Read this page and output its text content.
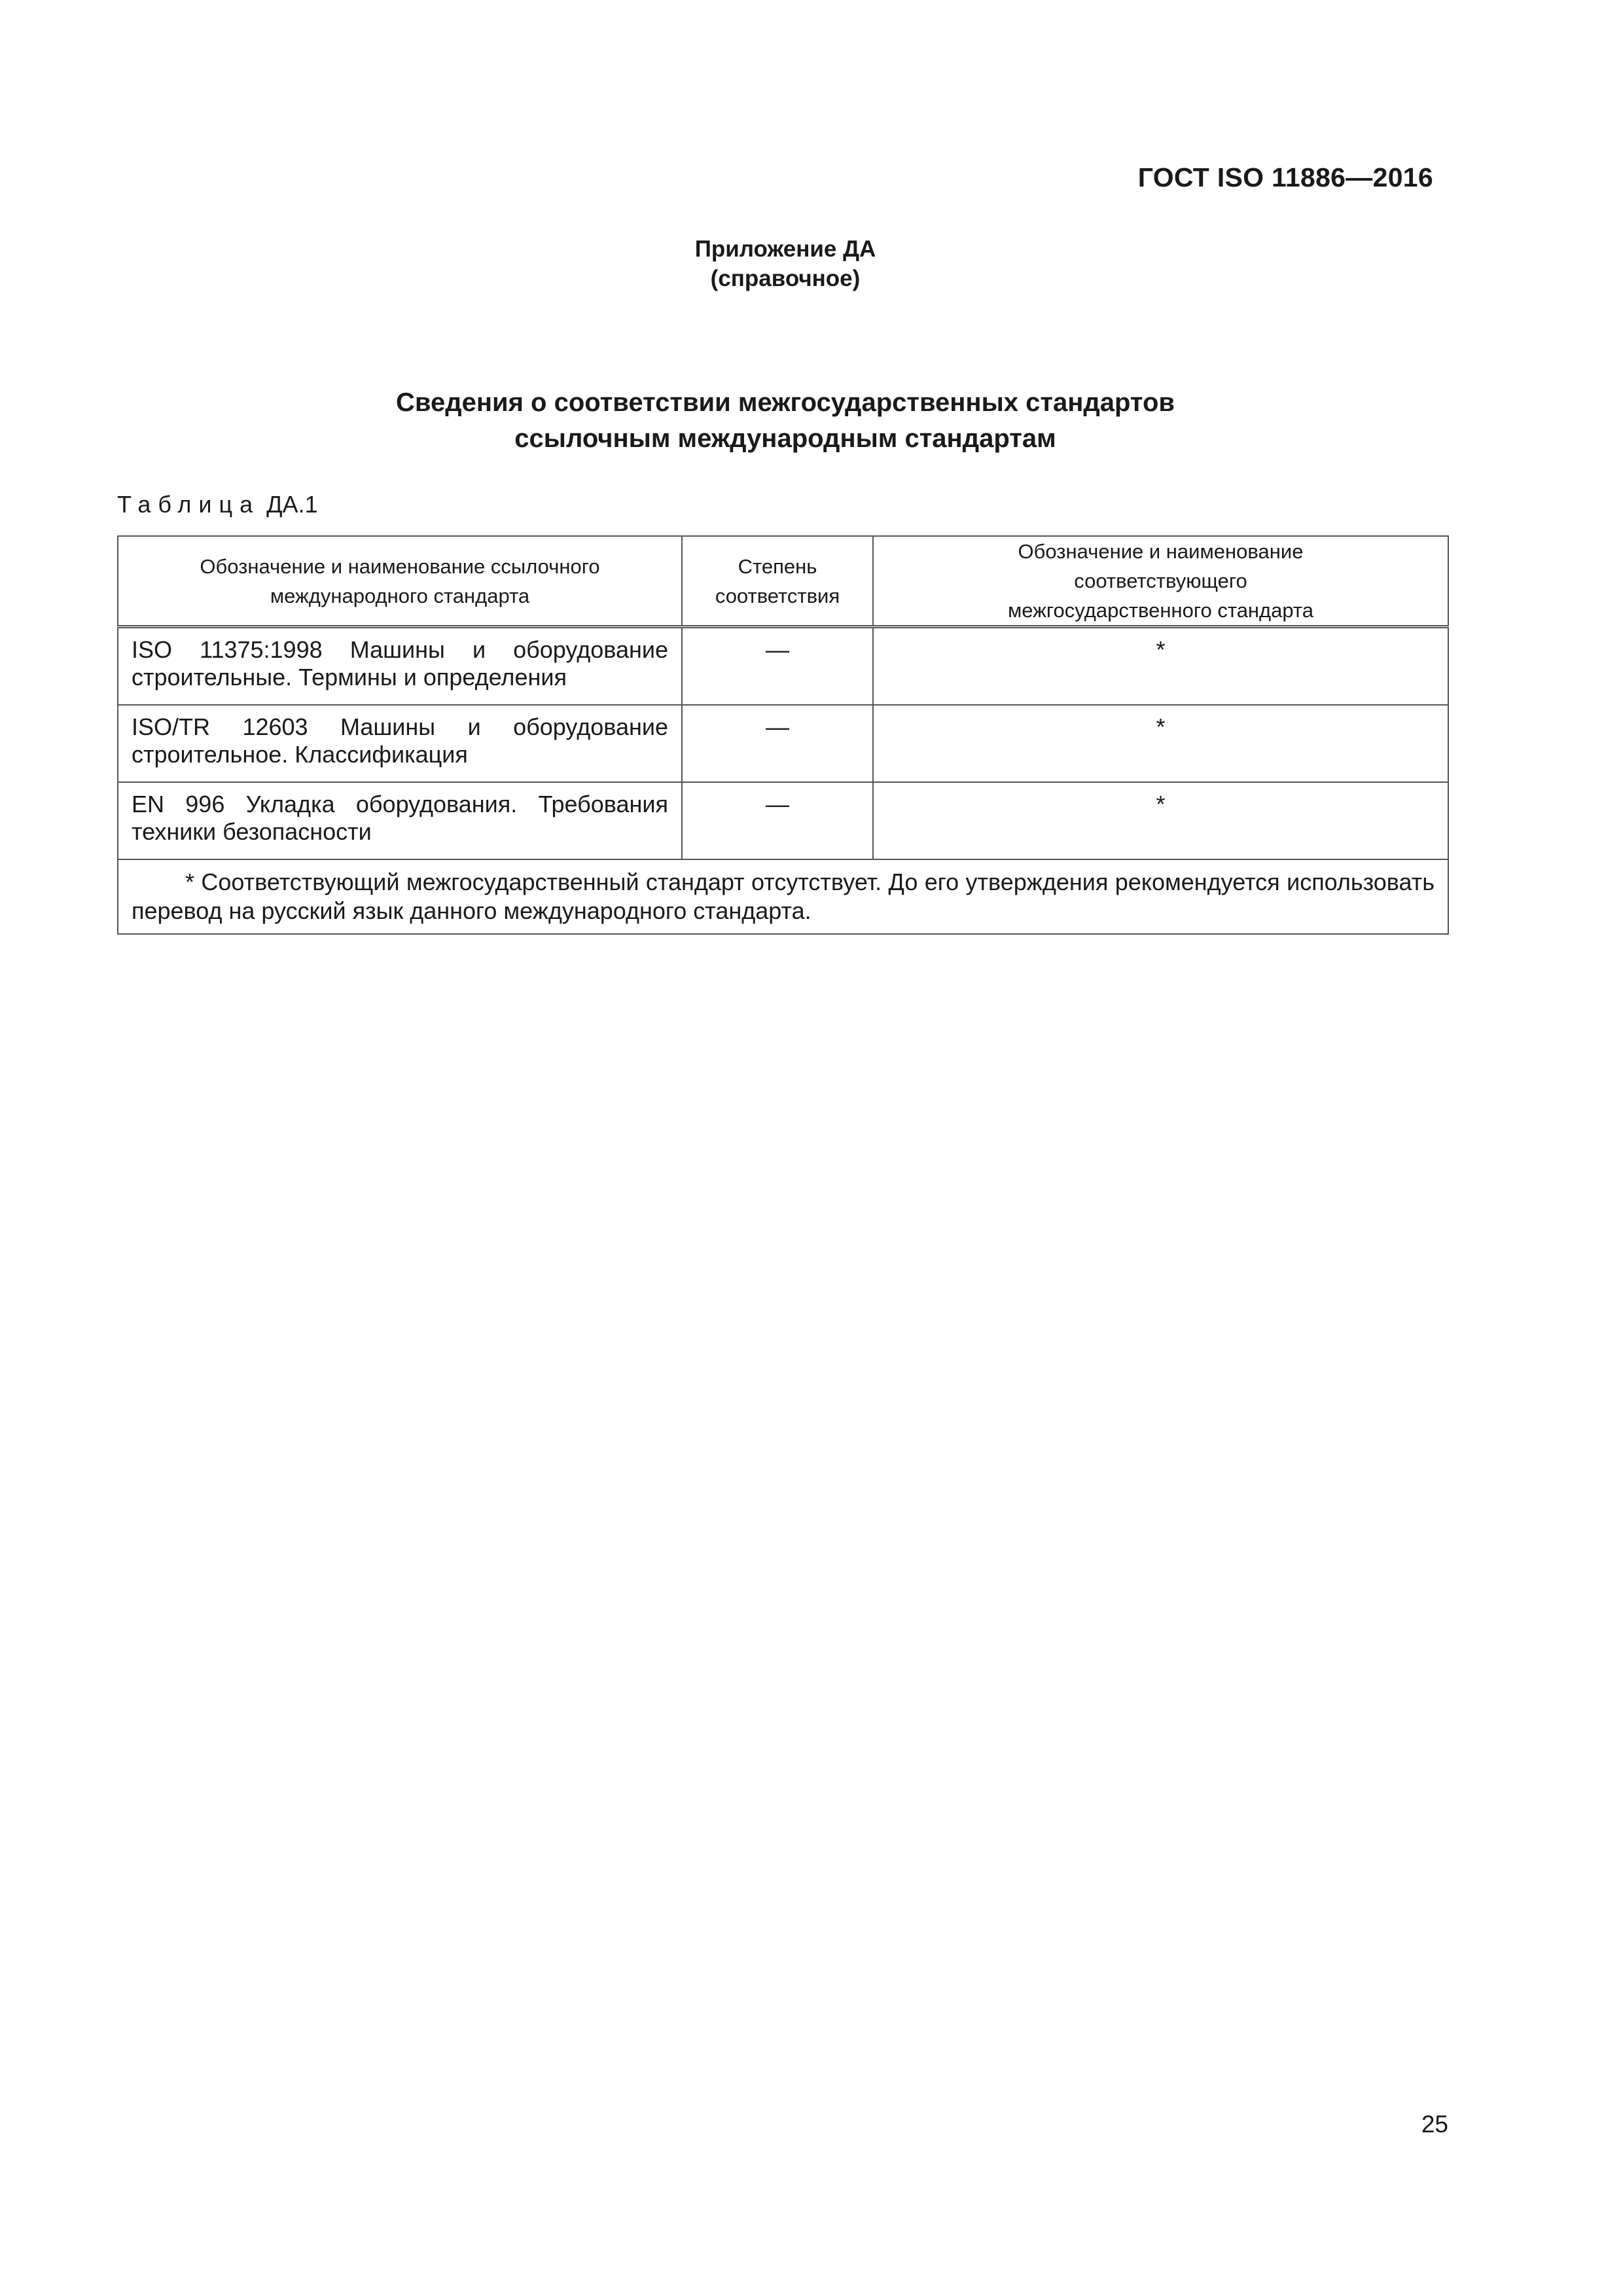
ГОСТ ISO 11886—2016
Приложение ДА
(справочное)
Сведения о соответствии межгосударственных стандартов
ссылочным международным стандартам
Таблица ДА.1
Обозначение и наименование ссылочного международного стандарта	Степень соответствия	Обозначение и наименование соответствующего межгосударственного стандарта

ISO 11375:1998 Машины и оборудование строительные. Термины и определения	—	*
ISO/TR 12603 Машины и оборудование строительное. Классификация	—	*
EN 996 Укладка оборудования. Требования техники безопасности	—	*
* Соответствующий межгосударственный стандарт отсутствует. До его утверждения рекомендуется использовать перевод на русский язык данного международного стандарта.		
25
